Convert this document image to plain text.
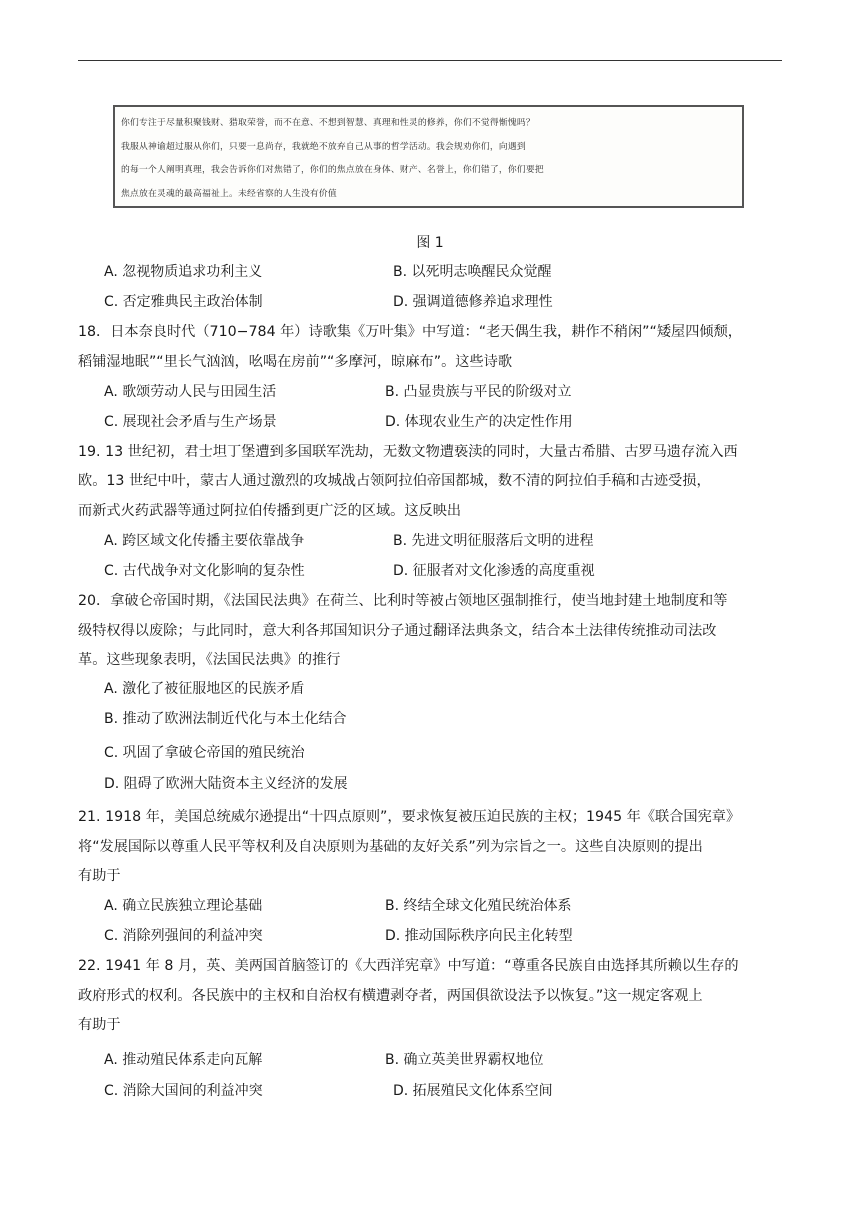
你们专注于尽量积聚钱财、猎取荣誉，而不在意、不想到智慧、真理和性灵的修养，你们不觉得惭愧吗？
我服从神谕超过服从你们，只要一息尚存，我就绝不放弃自己从事的哲学活动。我会规劝你们，向遇到
的每一个人阐明真理，我会告诉你们对焦错了，你们的焦点放在身体、财产、名誉上，你们错了，你们要把
焦点放在灵魂的最高福祉上。未经省察的人生没有价值
图 1
A. 忽视物质追求功利主义	B. 以死明志唤醒民众觉醒
C. 否定雅典民主政治体制	D. 强调道德修养追求理性
18．日本奈良时代（710−784 年）诗歌集《万叶集》中写道：“老天偶生我，耕作不稍闲”“矮屋四倾颓，
稻铺湿地眠”“里长气汹汹，吆喝在房前”“多摩河，晾麻布”。这些诗歌
A. 歌颂劳动人民与田园生活	B. 凸显贵族与平民的阶级对立
C. 展现社会矛盾与生产场景	D. 体现农业生产的决定性作用
19. 13 世纪初，君士坦丁堡遭到多国联军洗劫，无数文物遭亵渎的同时，大量古希腊、古罗马遗存流入西
欧。13 世纪中叶，蒙古人通过激烈的攻城战占领阿拉伯帝国都城，数不清的阿拉伯手稿和古迹受损，
而新式火药武器等通过阿拉伯传播到更广泛的区域。这反映出
A. 跨区域文化传播主要依靠战争	B. 先进文明征服落后文明的进程
C. 古代战争对文化影响的复杂性	D. 征服者对文化渗透的高度重视
20．拿破仑帝国时期，《法国民法典》在荷兰、比利时等被占领地区强制推行，使当地封建土地制度和等
级特权得以废除；与此同时，意大利各邦国知识分子通过翻译法典条文，结合本土法律传统推动司法改
革。这些现象表明，《法国民法典》的推行
A. 激化了被征服地区的民族矛盾
B. 推动了欧洲法制近代化与本土化结合
C. 巩固了拿破仑帝国的殖民统治
D. 阻碍了欧洲大陆资本主义经济的发展
21. 1918 年，美国总统威尔逊提出“十四点原则”，要求恢复被压迫民族的主权；1945 年《联合国宪章》
将“发展国际以尊重人民平等权利及自决原则为基础的友好关系”列为宗旨之一。这些自决原则的提出
有助于
A. 确立民族独立理论基础	B. 终结全球文化殖民统治体系
C. 消除列强间的利益冲突	D. 推动国际秩序向民主化转型
22. 1941 年 8 月，英、美两国首脑签订的《大西洋宪章》中写道：“尊重各民族自由选择其所赖以生存的
政府形式的权利。各民族中的主权和自治权有横遭剥夺者，两国俱欲设法予以恢复。”这一规定客观上
有助于
A. 推动殖民体系走向瓦解	B. 确立英美世界霸权地位
C. 消除大国间的利益冲突	D. 拓展殖民文化体系空间
